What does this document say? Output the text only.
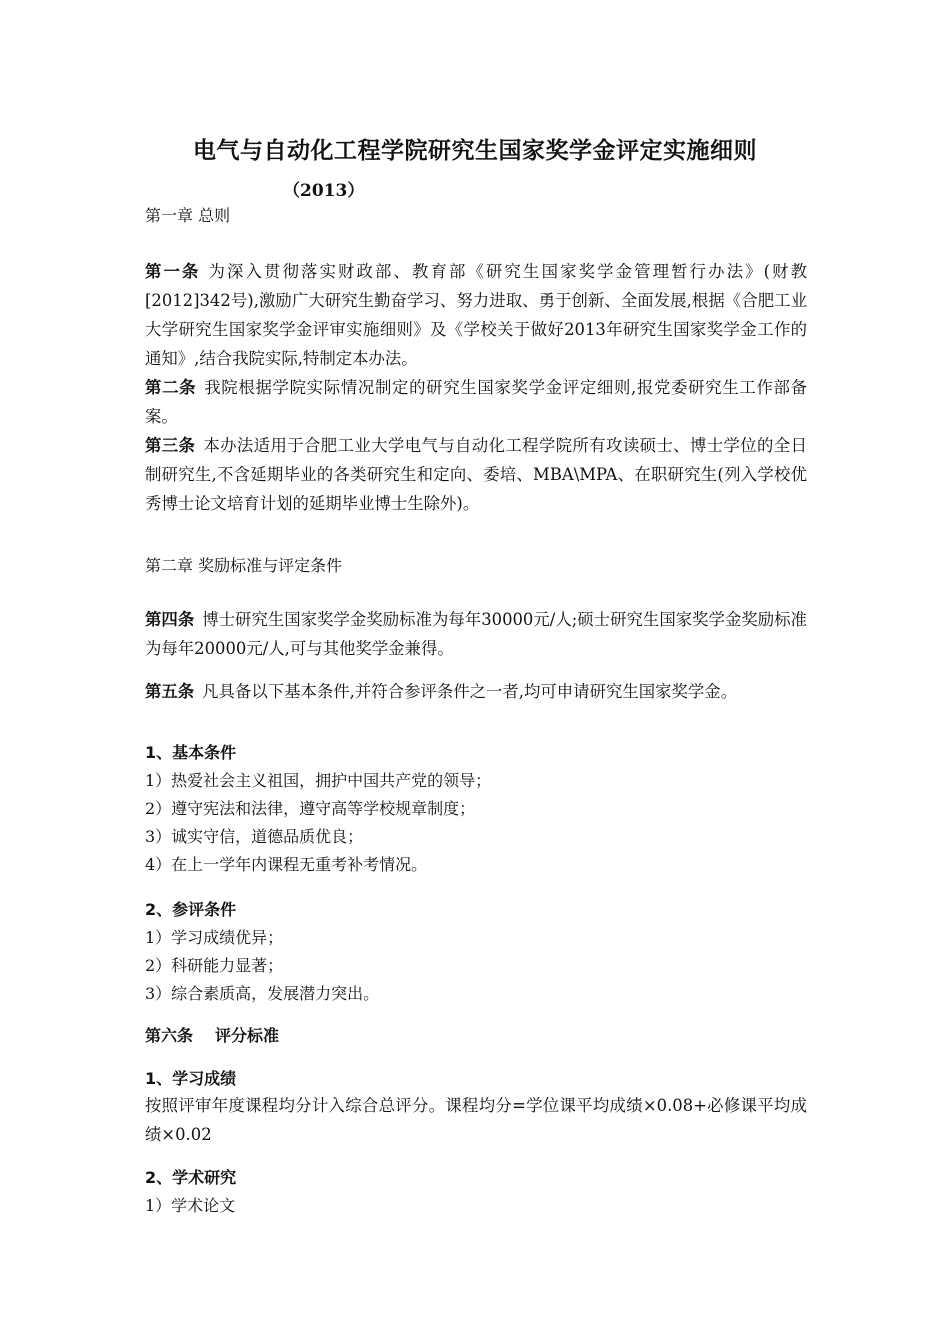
电气与自动化工程学院研究生国家奖学金评定实施细则
（2013）
第一章 总则
第一条 为深入贯彻落实财政部、教育部《研究生国家奖学金管理暂行办法》(财教[2012]342号),激励广大研究生勤奋学习、努力进取、勇于创新、全面发展,根据《合肥工业大学研究生国家奖学金评审实施细则》及《学校关于做好2013年研究生国家奖学金工作的通知》,结合我院实际,特制定本办法。
第二条 我院根据学院实际情况制定的研究生国家奖学金评定细则,报党委研究生工作部备案。
第三条 本办法适用于合肥工业大学电气与自动化工程学院所有攻读硕士、博士学位的全日制研究生,不含延期毕业的各类研究生和定向、委培、MBA\MPA、在职研究生(列入学校优秀博士论文培育计划的延期毕业博士生除外)。
第二章 奖励标准与评定条件
第四条 博士研究生国家奖学金奖励标准为每年30000元/人;硕士研究生国家奖学金奖励标准为每年20000元/人,可与其他奖学金兼得。
第五条 凡具备以下基本条件,并符合参评条件之一者,均可申请研究生国家奖学金。
1、基本条件
1）热爱社会主义祖国，拥护中国共产党的领导；
2）遵守宪法和法律，遵守高等学校规章制度；
3）诚实守信，道德品质优良；
4）在上一学年内课程无重考补考情况。
2、参评条件
1）学习成绩优异；
2）科研能力显著；
3）综合素质高，发展潜力突出。
第六条 评分标准
1、学习成绩
按照评审年度课程均分计入综合总评分。课程均分=学位课平均成绩×0.08+必修课平均成绩×0.02
2、学术研究
1）学术论文
